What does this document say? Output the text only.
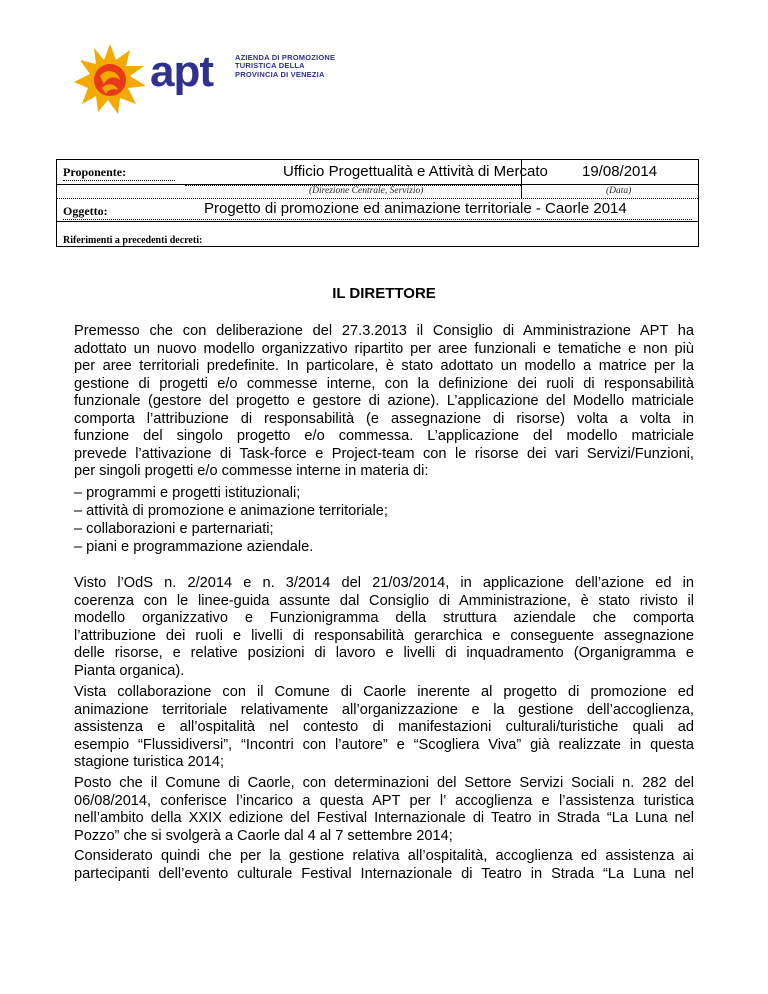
apt	AZIENDA DI PROMOZIONE
TURISTICA DELLA
PROVINCIA DI VENEZIA
Proponente:	Ufficio Progettualità e Attività di Mercato 19/08/2014
(Direzione Centrale, Servizio)	(Data)
Oggetto:	Progetto di promozione ed animazione territoriale - Caorle 2014
Riferimenti a precedenti decreti:
IL DIRETTORE
Premesso che con deliberazione del 27.3.2013 il Consiglio di Amministrazione APT ha
adottato un nuovo modello organizzativo ripartito per aree funzionali e tematiche e non più
per aree territoriali predefinite. In particolare, è stato adottato un modello a matrice per la
gestione di progetti e/o commesse interne, con la definizione dei ruoli di responsabilità
funzionale (gestore del progetto e gestore di azione). L’applicazione del Modello matriciale
comporta l’attribuzione di responsabilità (e assegnazione di risorse) volta a volta in
funzione del singolo progetto e/o commessa. L’applicazione del modello matriciale
prevede l’attivazione di Task-force e Project-team con le risorse dei vari Servizi/Funzioni,
per singoli progetti e/o commesse interne in materia di:
– programmi e progetti istituzionali;
– attività di promozione e animazione territoriale;
– collaborazioni e parternariati;
– piani e programmazione aziendale.
Visto l’OdS n. 2/2014 e n. 3/2014 del 21/03/2014, in applicazione dell’azione ed in
coerenza con le linee-guida assunte dal Consiglio di Amministrazione, è stato rivisto il
modello organizzativo e Funzionigramma della struttura aziendale che comporta
l’attribuzione dei ruoli e livelli di responsabilità gerarchica e conseguente assegnazione
delle risorse, e relative posizioni di lavoro e livelli di inquadramento (Organigramma e
Pianta organica).
Vista collaborazione con il Comune di Caorle inerente al progetto di promozione ed
animazione territoriale relativamente all’organizzazione e la gestione dell’accoglienza,
assistenza e all’ospitalità nel contesto di manifestazioni culturali/turistiche quali ad
esempio “Flussidiversi”, “Incontri con l’autore” e “Scogliera Viva” già realizzate in questa
stagione turistica 2014;
Posto che il Comune di Caorle, con determinazioni del Settore Servizi Sociali n. 282 del
06/08/2014, conferisce l’incarico a questa APT per l’ accoglienza e l’assistenza turistica
nell’ambito della XXIX edizione del Festival Internazionale di Teatro in Strada “La Luna nel
Pozzo” che si svolgerà a Caorle dal 4 al 7 settembre 2014;
Considerato quindi che per la gestione relativa all’ospitalità, accoglienza ed assistenza ai
partecipanti dell’evento culturale Festival Internazionale di Teatro in Strada “La Luna nel
